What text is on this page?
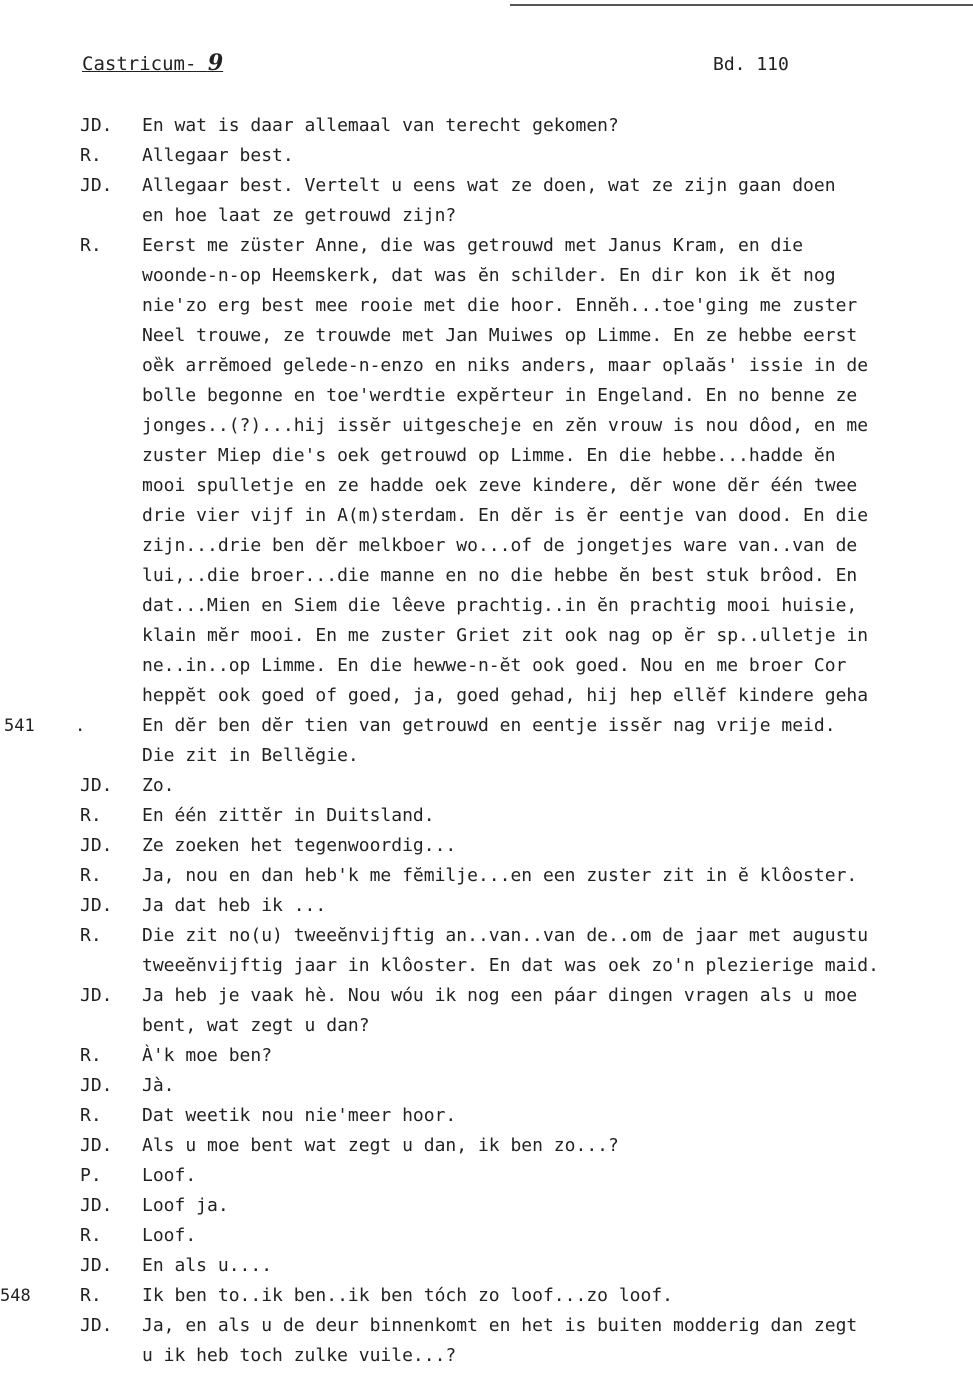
Castricum- 9	Bd. 110
JD. En wat is daar allemaal van terecht gekomen?
R. Allegaar best.
JD. Allegaar best. Vertelt u eens wat ze doen, wat ze zijn gaan doen
en hoe laat ze getrouwd zijn?
R.
541 .
Eerst me züster Anne, die was getrouwd met Janus Kram, en die
woonde-n-op Heemskerk, dat was ĕn schilder. En dir kon ik ĕt nog
nie'zo erg best mee rooie met die hoor. Ennĕh...toe'ging me zuster
Neel trouwe, ze trouwde met Jan Muiwes op Limme. En ze hebbe eerst
oȅk arrĕmoed gelede-n-enzo en niks anders, maar oplaăs' issie in de
bolle begonne en toe'werdtie expĕrteur in Engeland. En no benne ze
jonges..(?)...hij issĕr uitgescheje en zĕn vrouw is nou dôod, en me
zuster Miep die's oek getrouwd op Limme. En die hebbe...hadde ĕn
mooi spulletje en ze hadde oek zeve kindere, dĕr wone dĕr één twee
drie vier vijf in A(m)sterdam. En dĕr is ĕr eentje van dood. En die
zijn...drie ben dĕr melkboer wo...of de jongetjes ware van..van de
lui,..die broer...die manne en no die hebbe ĕn best stuk brôod. En
dat...Mien en Siem die lêeve prachtig..in ĕn prachtig mooi huisie,
klain mĕr mooi. En me zuster Griet zit ook nag op ĕr sp..ulletje in
ne..in..op Limme. En die hewwe-n-ĕt ook goed. Nou en me broer Cor
heppĕt ook goed of goed, ja, goed gehad, hij hep ellĕf kindere geha
En dĕr ben dĕr tien van getrouwd en eentje issĕr nag vrije meid.
Die zit in Bellĕgie.
JD. Zo.
R. En één zittĕr in Duitsland.
JD. Ze zoeken het tegenwoordig...
R. Ja, nou en dan heb'k me fĕmilje...en een zuster zit in ĕ klôoster.
JD. Ja dat heb ik ...
R. Die zit no(u) tweeĕnvijftig an..van..van de..om de jaar met augustu
tweeĕnvijftig jaar in klôoster. En dat was oek zo'n plezierige maid.
JD. Ja heb je vaak hè. Nou wóu ik nog een páar dingen vragen als u moe
bent, wat zegt u dan?
R. À'k moe ben?
JD. Jà.
R. Dat weetik nou nie'meer hoor.
JD. Als u moe bent wat zegt u dan, ik ben zo...?
P. Loof.
JD. Loof ja.
R. Loof.
JD. En als u....
R.
548	Ik ben to..ik ben..ik ben tóch zo loof...zo loof.
JD. Ja, en als u de deur binnenkomt en het is buiten modderig dan zegt
u ik heb toch zulke vuile...?
